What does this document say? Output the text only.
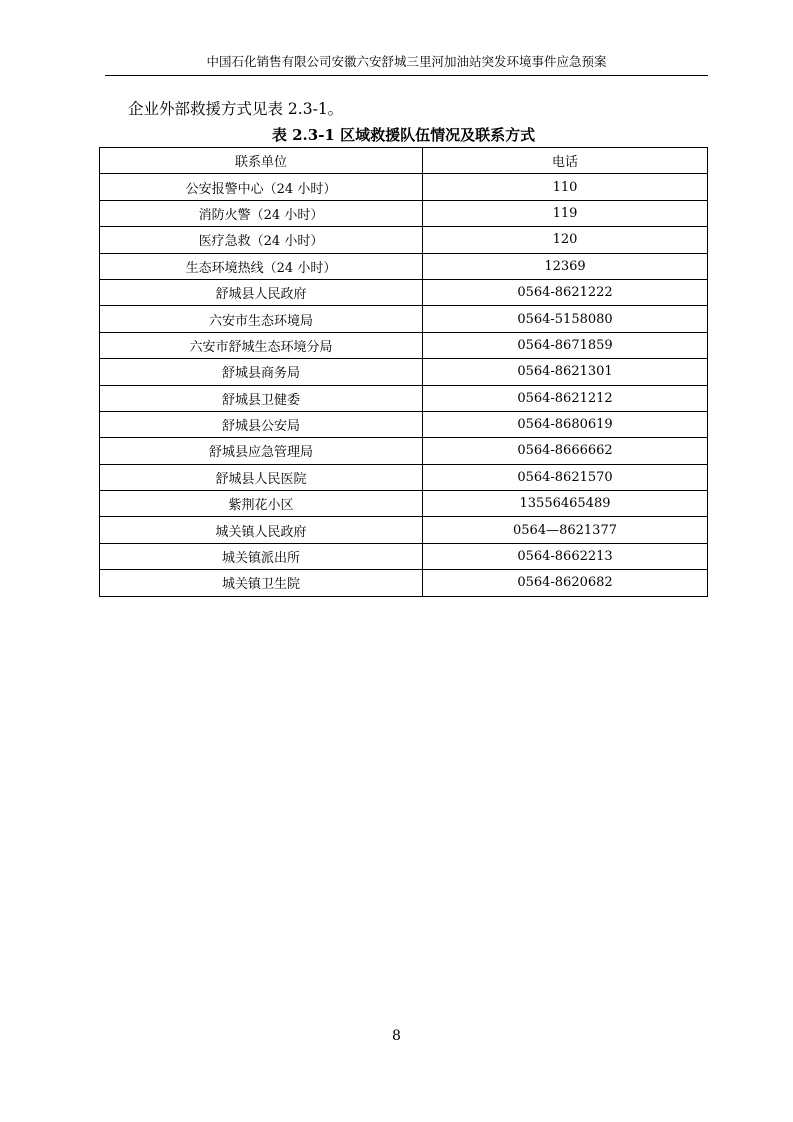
中国石化销售有限公司安徽六安舒城三里河加油站突发环境事件应急预案
企业外部救援方式见表 2.3-1。
表 2.3-1 区域救援队伍情况及联系方式
联系单位	电话
公安报警中心（24 小时）	110
消防火警（24 小时）	119
医疗急救（24 小时）	120
生态环境热线（24 小时）	12369
舒城县人民政府	0564-8621222
六安市生态环境局	0564-5158080
六安市舒城生态环境分局	0564-8671859
舒城县商务局	0564-8621301
舒城县卫健委	0564-8621212
舒城县公安局	0564-8680619
舒城县应急管理局	0564-8666662
舒城县人民医院	0564-8621570
紫荆花小区	13556465489
城关镇人民政府	0564—8621377
城关镇派出所	0564-8662213
城关镇卫生院	0564-8620682
8
